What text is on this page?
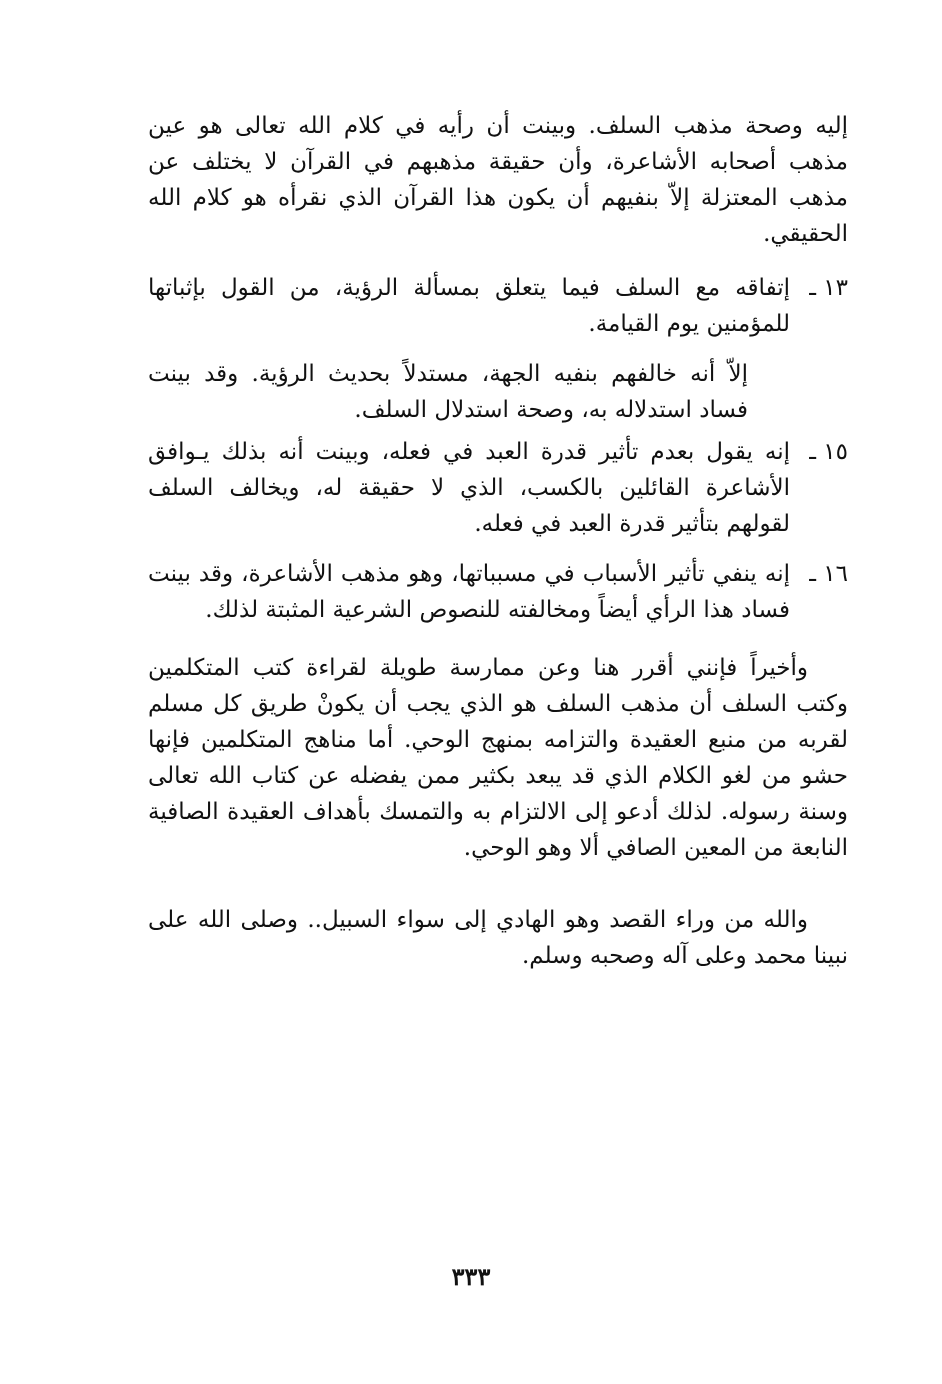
إليه وصحة مذهب السلف. وبينت أن رأيه في كلام الله تعالى هو عين مذهب أصحابه الأشاعرة، وأن حقيقة مذهبهم في القرآن لا يختلف عن مذهب المعتزلة إلاّ بنفيهم أن يكون هذا القرآن الذي نقرأه هو كلام الله الحقيقي.
١٣ ـ
إتفاقه مع السلف فيما يتعلق بمسألة الرؤية، من القول بإثباتها للمؤمنين يوم القيامة.
إلاّ أنه خالفهم بنفيه الجهة، مستدلاً بحديث الرؤية. وقد بينت فساد استدلاله به، وصحة استدلال السلف.
١٥ ـ
إنه يقول بعدم تأثير قدرة العبد في فعله، وبينت أنه بذلك يـوافق الأشاعرة القائلين بالكسب، الذي لا حقيقة له، ويخالف السلف لقولهم بتأثير قدرة العبد في فعله.
١٦ ـ
إنه ينفي تأثير الأسباب في مسبباتها، وهو مذهب الأشاعرة، وقد بينت فساد هذا الرأي أيضاً ومخالفته للنصوص الشرعية المثبتة لذلك.
وأخيراً فإنني أقرر هنا وعن ممارسة طويلة لقراءة كتب المتكلمين وكتب السلف أن مذهب السلف هو الذي يجب أن يكونْ طريق كل مسلم لقربه من منبع العقيدة والتزامه بمنهج الوحي. أما مناهج المتكلمين فإنها حشو من لغو الكلام الذي قد يبعد بكثير ممن يفضله عن كتاب الله تعالى وسنة رسوله. لذلك أدعو إلى الالتزام به والتمسك بأهداف العقيدة الصافية النابعة من المعين الصافي ألا وهو الوحي.
والله من وراء القصد وهو الهادي إلى سواء السبيل.. وصلى الله على نبينا محمد وعلى آله وصحبه وسلم.
٣٣٣
